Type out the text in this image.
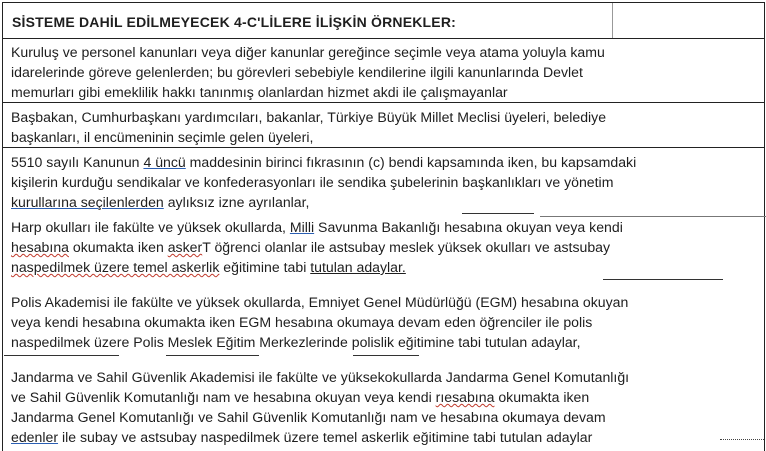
SİSTEME DAHİL EDİLMEYECEK 4-C'LİLERE İLİŞKİN ÖRNEKLER:
Kuruluş ve personel kanunları veya diğer kanunlar gereğince seçimle veya atama yoluyla kamu
idarelerinde göreve gelenlerden; bu görevleri sebebiyle kendilerine ilgili kanunlarında Devlet
memurları gibi emeklilik hakkı tanınmış olanlardan hizmet akdi ile çalışmayanlar
Başbakan, Cumhurbaşkanı yardımcıları, bakanlar, Türkiye Büyük Millet Meclisi üyeleri, belediye
başkanları, il encümeninin seçimle gelen üyeleri,
5510 sayılı Kanunun 4 üncü maddesinin birinci fıkrasının (c) bendi kapsamında iken, bu kapsamdaki
kişilerin kurduğu sendikalar ve konfederasyonları ile sendika şubelerinin başkanlıkları ve yönetim
kurullarına seçilenlerden aylıksız izne ayrılanlar,
Harp okulları ile fakülte ve yüksek okullarda, Milli Savunma Bakanlığı hesabına okuyan veya kendi
hesabına okumakta iken askerT öğrenci olanlar ile astsubay meslek yüksek okulları ve astsubay
naspedilmek üzere temel askerlik eğitimine tabi tutulan adaylar.
Polis Akademisi ile fakülte ve yüksek okullarda, Emniyet Genel Müdürlüğü (EGM) hesabına okuyan
veya kendi hesabına okumakta iken EGM hesabına okumaya devam eden öğrenciler ile polis
naspedilmek üzere Polis Meslek Eğitim Merkezlerinde polislik eğitimine tabi tutulan adaylar,
Jandarma ve Sahil Güvenlik Akademisi ile fakülte ve yüksekokullarda Jandarma Genel Komutanlığı
ve Sahil Güvenlik Komutanlığı nam ve hesabına okuyan veya kendi rıesabına okumakta iken
Jandarma Genel Komutanlığı ve Sahil Güvenlik Komutanlığı nam ve hesabına okumaya devam
edenler ile subay ve astsubay naspedilmek üzere temel askerlik eğitimine tabi tutulan adaylar
